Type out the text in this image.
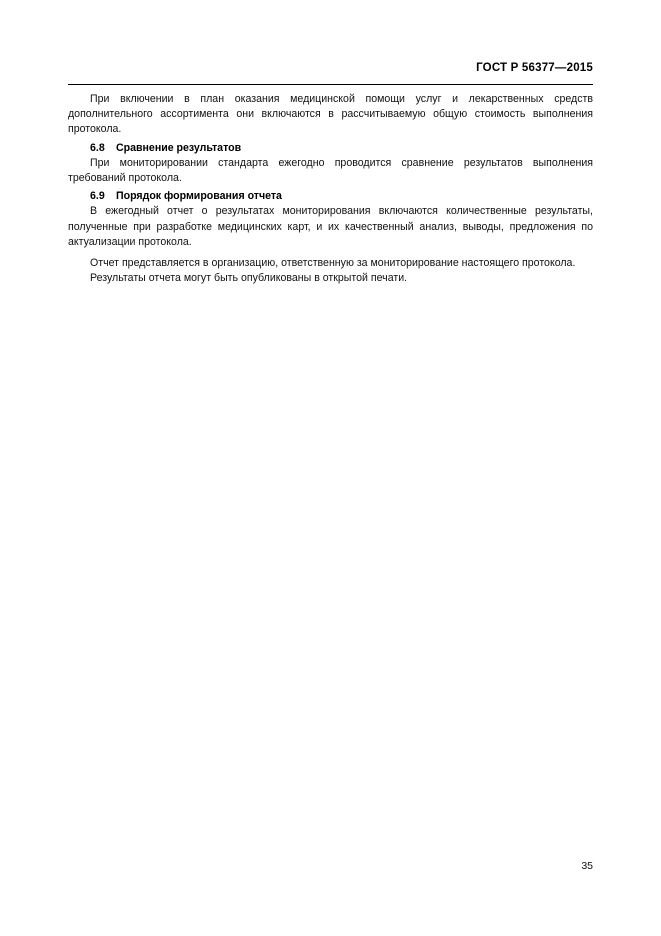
ГОСТ Р 56377—2015

При включении в план оказания медицинской помощи услуг и лекарственных средств дополнительного ассортимента они включаются в рассчитываемую общую стоимость выполнения протокола.

6.8 Сравнение результатов

При мониторировании стандарта ежегодно проводится сравнение результатов выполнения требований протокола.

6.9 Порядок формирования отчета

В ежегодный отчет о результатах мониторирования включаются количественные результаты, полученные при разработке медицинских карт, и их качественный анализ, выводы, предложения по актуализации протокола.

Отчет представляется в организацию, ответственную за мониторирование настоящего протокола.

Результаты отчета могут быть опубликованы в открытой печати.

35
